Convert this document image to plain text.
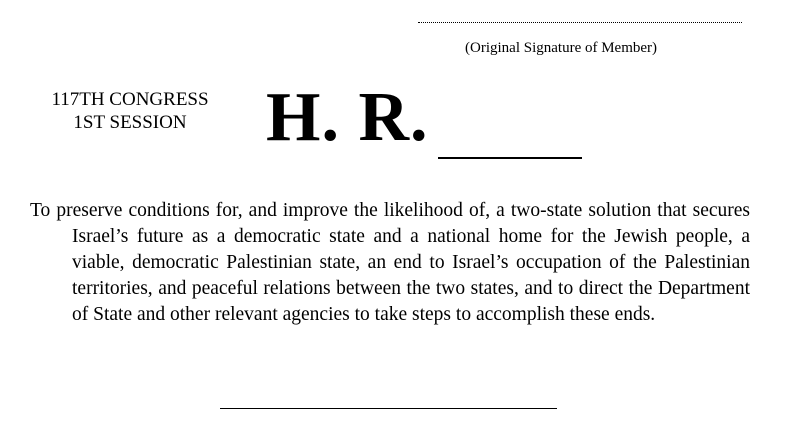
(Original Signature of Member)
117TH CONGRESS
1ST SESSION	H. R.
To preserve conditions for, and improve the likelihood of, a two-state solution that secures Israel’s future as a democratic state and a national home for the Jewish people, a viable, democratic Palestinian state, an end to Israel’s occupation of the Palestinian territories, and peaceful relations between the two states, and to direct the Department of State and other relevant agencies to take steps to accomplish these ends.
